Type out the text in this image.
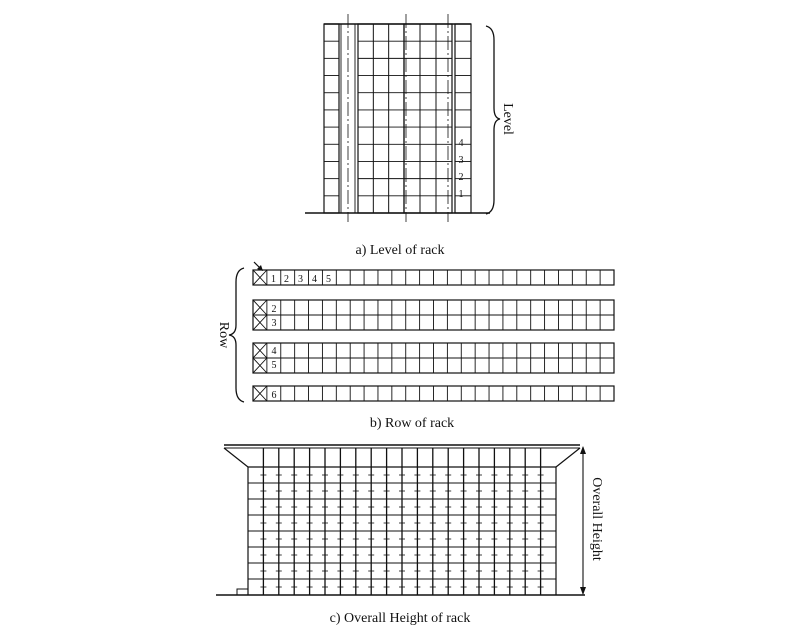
4
3
2
1
Level
a) Level of rack
1 2 3 4 5
2
3
4
5
6
Row
b) Row of rack
Overall Height
c) Overall Height of rack
